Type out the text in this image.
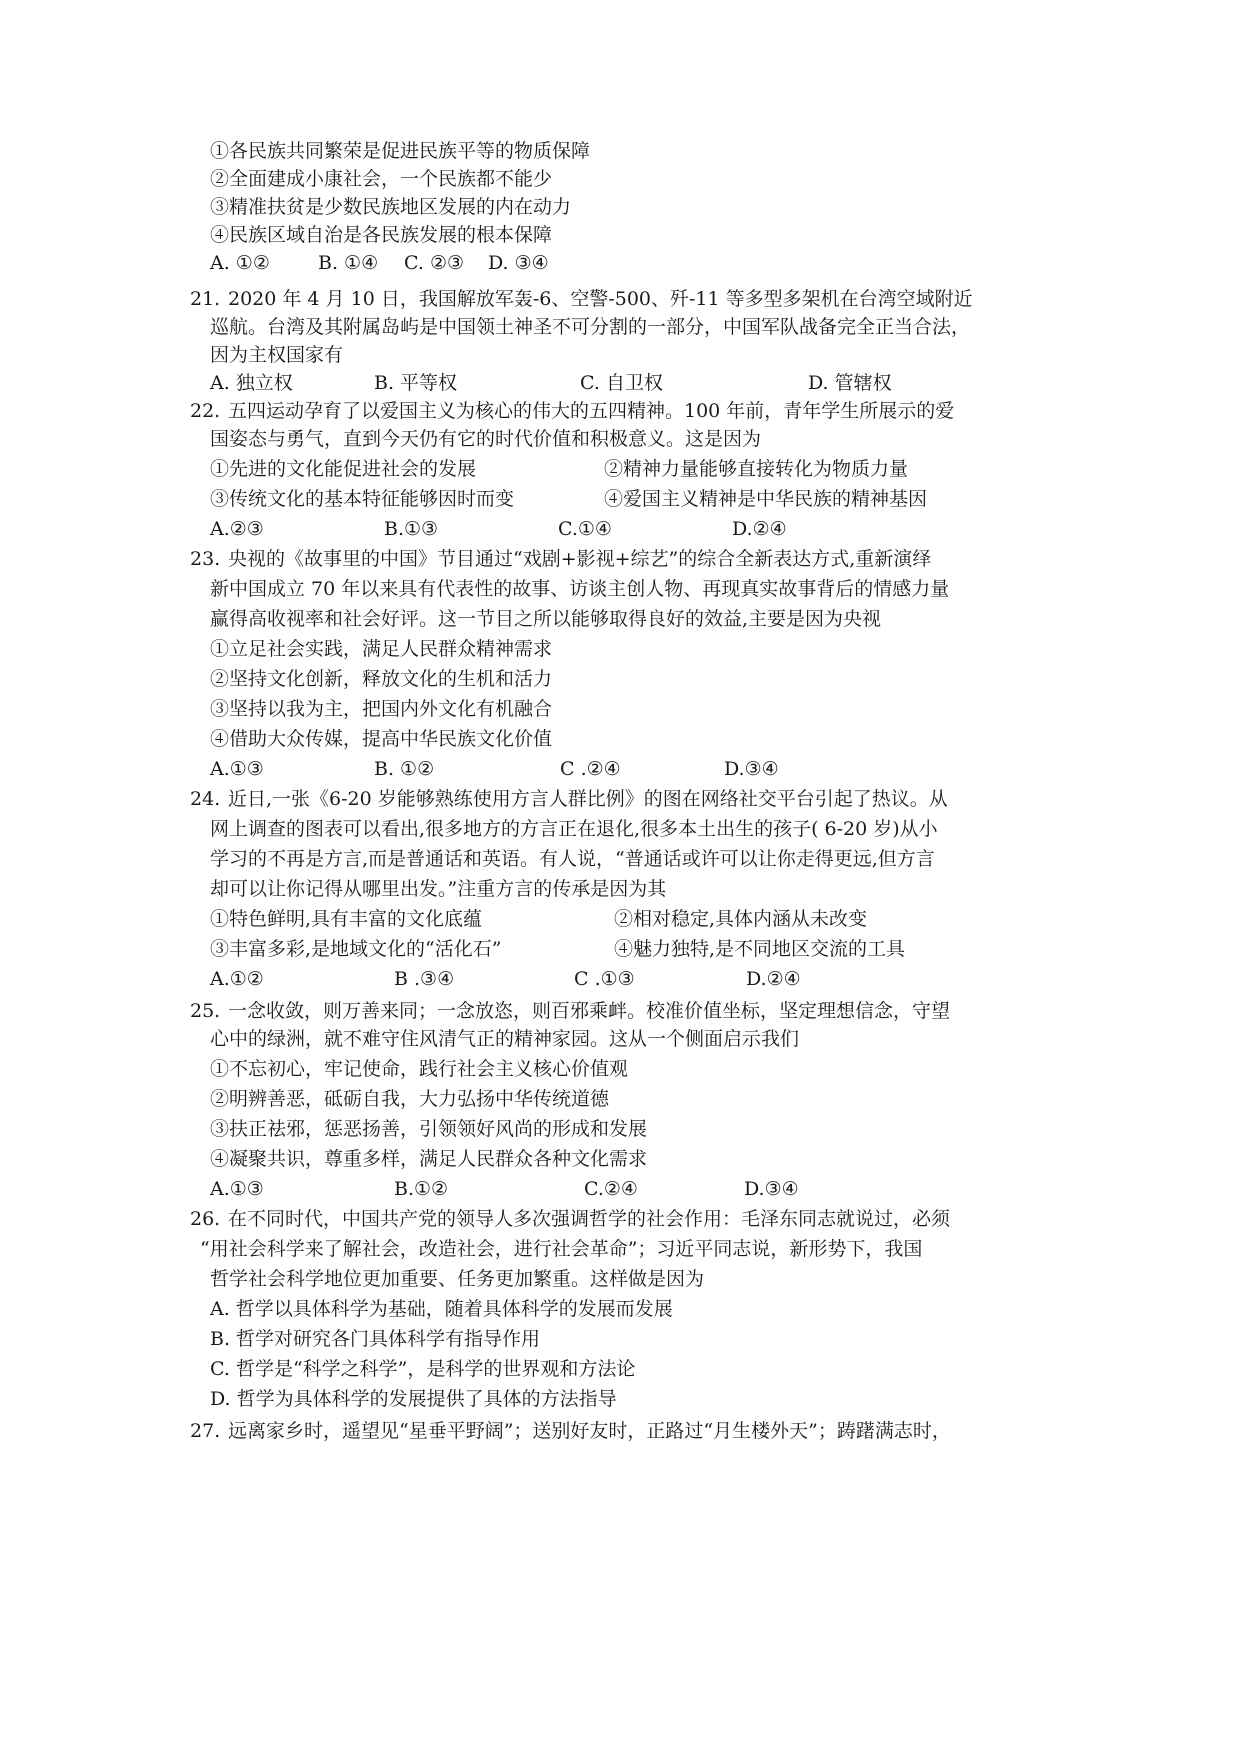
①各民族共同繁荣是促进民族平等的物质保障
②全面建成小康社会，一个民族都不能少
③精准扶贫是少数民族地区发展的内在动力
④民族区域自治是各民族发展的根本保障
A. ①②	B. ①④ C. ②③ D. ③④
21. 2020 年 4 月 10 日，我国解放军轰-6、空警-500、歼-11 等多型多架机在台湾空域附近
巡航。台湾及其附属岛屿是中国领土神圣不可分割的一部分，中国军队战备完全正当合法，
因为主权国家有
A. 独立权	B. 平等权	C. 自卫权	D. 管辖权
22. 五四运动孕育了以爱国主义为核心的伟大的五四精神。100 年前，青年学生所展示的爱
国姿态与勇气，直到今天仍有它的时代价值和积极意义。这是因为
①先进的文化能促进社会的发展	②精神力量能够直接转化为物质力量
③传统文化的基本特征能够因时而变	④爱国主义精神是中华民族的精神基因
A.②③	B.①③	C.①④	D.②④
23. 央视的《故事里的中国》节目通过“戏剧+影视+综艺”的综合全新表达方式,重新演绎
新中国成立 70 年以来具有代表性的故事、访谈主创人物、再现真实故事背后的情感力量
赢得高收视率和社会好评。这一节目之所以能够取得良好的效益,主要是因为央视
①立足社会实践，满足人民群众精神需求
②坚持文化创新，释放文化的生机和活力
③坚持以我为主，把国内外文化有机融合
④借助大众传媒，提高中华民族文化价值
A.①③	B. ①②	C .②④	D.③④
24. 近日,一张《6-20 岁能够熟练使用方言人群比例》的图在网络社交平台引起了热议。从
网上调查的图表可以看出,很多地方的方言正在退化,很多本土出生的孩子( 6-20 岁)从小
学习的不再是方言,而是普通话和英语。有人说，“普通话或许可以让你走得更远,但方言
却可以让你记得从哪里出发。”注重方言的传承是因为其
①特色鲜明,具有丰富的文化底蕴	②相对稳定,具体内涵从未改变
③丰富多彩,是地域文化的“活化石”	④魅力独特,是不同地区交流的工具
A.①②	B .③④	C .①③	D.②④
25. 一念收敛，则万善来同；一念放恣，则百邪乘衅。校准价值坐标，坚定理想信念，守望
心中的绿洲，就不难守住风清气正的精神家园。这从一个侧面启示我们
①不忘初心，牢记使命，践行社会主义核心价值观
②明辨善恶，砥砺自我，大力弘扬中华传统道德
③扶正祛邪，惩恶扬善，引领领好风尚的形成和发展
④凝聚共识，尊重多样，满足人民群众各种文化需求
A.①③	B.①②	C.②④	D.③④
26. 在不同时代，中国共产党的领导人多次强调哲学的社会作用：毛泽东同志就说过，必须
“用社会科学来了解社会，改造社会，进行社会革命”；习近平同志说，新形势下，我国
哲学社会科学地位更加重要、任务更加繁重。这样做是因为
A. 哲学以具体科学为基础，随着具体科学的发展而发展
B. 哲学对研究各门具体科学有指导作用
C. 哲学是“科学之科学”，是科学的世界观和方法论
D. 哲学为具体科学的发展提供了具体的方法指导
27. 远离家乡时，遥望见“星垂平野阔”；送别好友时，正路过“月生楼外天”；踌躇满志时，
